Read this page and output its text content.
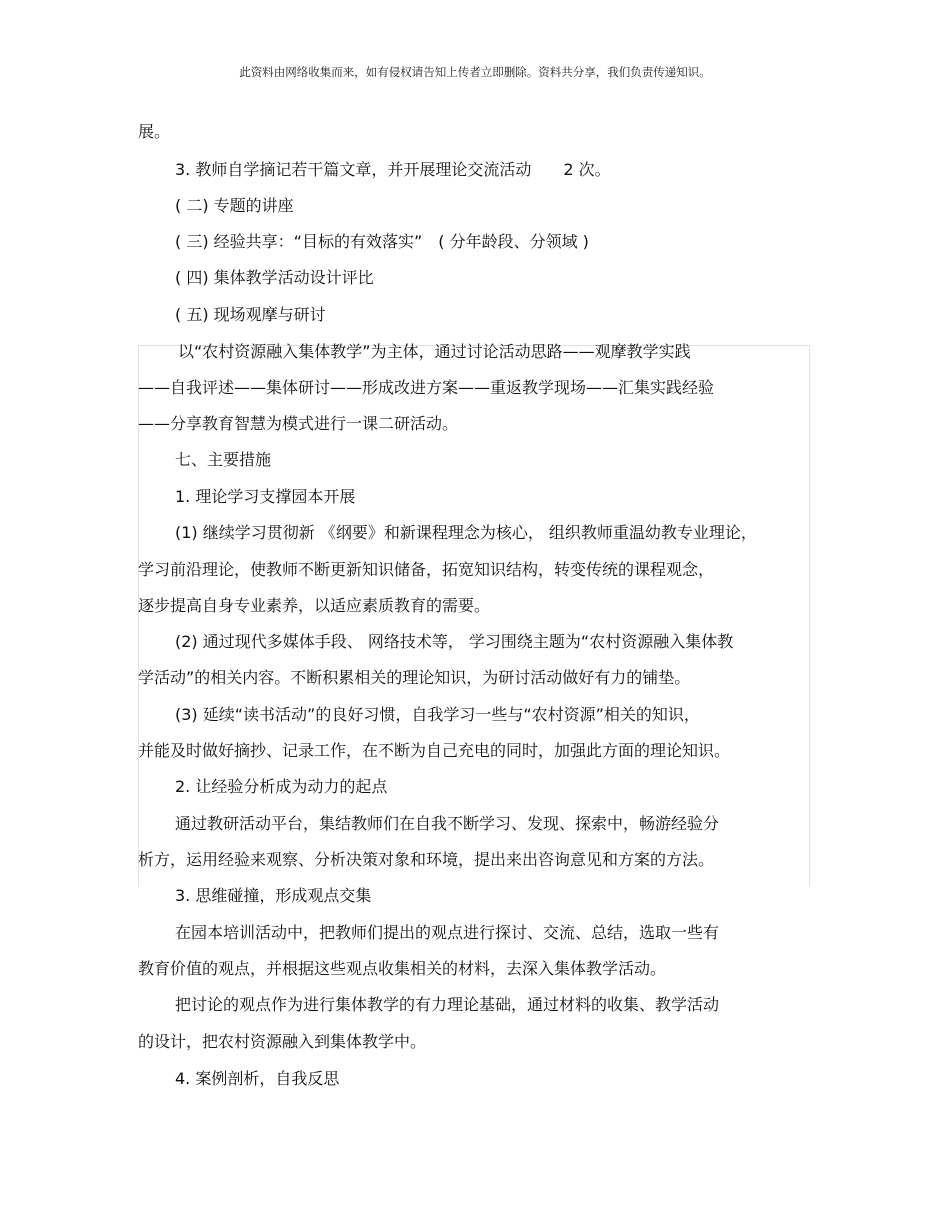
此资料由网络收集而来，如有侵权请告知上传者立即删除。资料共分享，我们负责传递知识。
展。
3. 教师自学摘记若干篇文章，并开展理论交流活动　　2 次。
( 二) 专题的讲座
( 三) 经验共享：“目标的有效落实”　( 分年龄段、分领域 )
( 四) 集体教学活动设计评比
( 五) 现场观摩与研讨
以“农村资源融入集体教学”为主体，通过讨论活动思路——观摩教学实践
——自我评述——集体研讨——形成改进方案——重返教学现场——汇集实践经验
——分享教育智慧为模式进行一课二研活动。
七、主要措施
1. 理论学习支撑园本开展
(1) 继续学习贯彻新 《纲要》和新课程理念为核心， 组织教师重温幼教专业理论，
学习前沿理论，使教师不断更新知识储备，拓宽知识结构，转变传统的课程观念，
逐步提高自身专业素养，以适应素质教育的需要。
(2) 通过现代多媒体手段、 网络技术等， 学习围绕主题为“农村资源融入集体教
学活动”的相关内容。不断积累相关的理论知识，为研讨活动做好有力的铺垫。
(3) 延续“读书活动”的良好习惯，自我学习一些与“农村资源”相关的知识，
并能及时做好摘抄、记录工作，在不断为自己充电的同时，加强此方面的理论知识。
2. 让经验分析成为动力的起点
通过教研活动平台，集结教师们在自我不断学习、发现、探索中，畅游经验分
析方，运用经验来观察、分析决策对象和环境，提出来出咨询意见和方案的方法。
3. 思维碰撞，形成观点交集
在园本培训活动中，把教师们提出的观点进行探讨、交流、总结，选取一些有
教育价值的观点，并根据这些观点收集相关的材料，去深入集体教学活动。
把讨论的观点作为进行集体教学的有力理论基础，通过材料的收集、教学活动
的设计，把农村资源融入到集体教学中。
4. 案例剖析，自我反思
